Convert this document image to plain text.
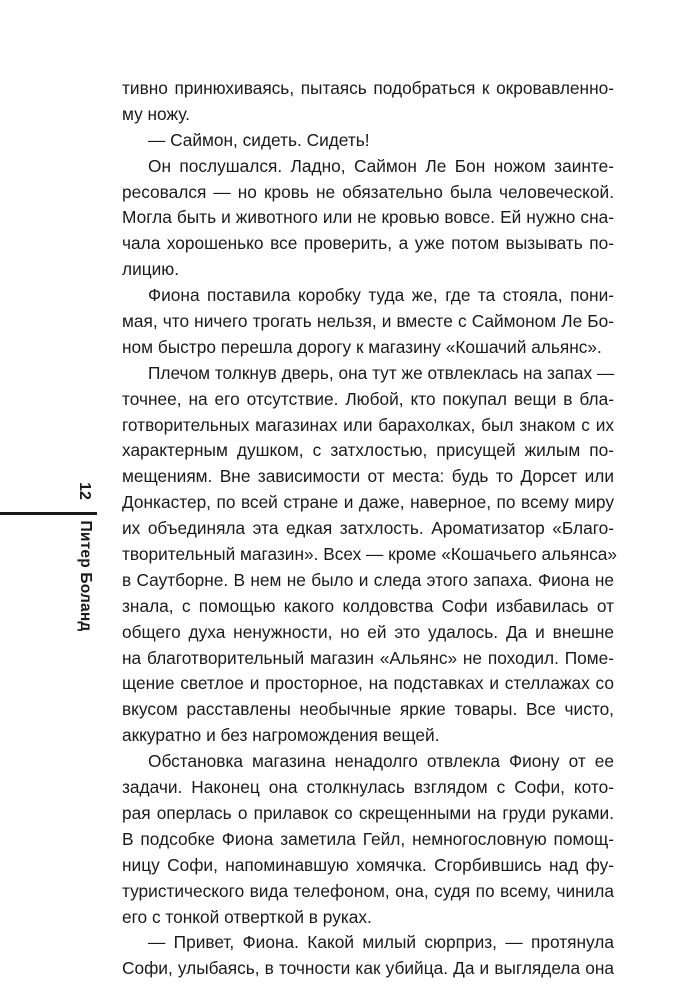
тивно принюхиваясь, пытаясь подобраться к окровавленно-
му ножу.
— Саймон, сидеть. Сидеть!
Он послушался. Ладно, Саймон Ле Бон ножом заинте-
ресовался — но кровь не обязательно была человеческой.
Могла быть и животного или не кровью вовсе. Ей нужно сна-
чала хорошенько все проверить, а уже потом вызывать по-
лицию.
Фиона поставила коробку туда же, где та стояла, пони-
мая, что ничего трогать нельзя, и вместе с Саймоном Ле Бо-
ном быстро перешла дорогу к магазину «Кошачий альянс».
Плечом толкнув дверь, она тут же отвлеклась на запах —
точнее, на его отсутствие. Любой, кто покупал вещи в бла-
готворительных магазинах или барахолках, был знаком с их
характерным душком, с затхлостью, присущей жилым по-
мещениям. Вне зависимости от места: будь то Дорсет или
Донкастер, по всей стране и даже, наверное, по всему миру
их объединяла эта едкая затхлость. Ароматизатор «Благо-
творительный магазин». Всех — кроме «Кошачьего альянса»
в Саутборне. В нем не было и следа этого запаха. Фиона не
знала, с помощью какого колдовства Софи избавилась от
общего духа ненужности, но ей это удалось. Да и внешне
на благотворительный магазин «Альянс» не походил. Поме-
щение светлое и просторное, на подставках и стеллажах со
вкусом расставлены необычные яркие товары. Все чисто,
аккуратно и без нагромождения вещей.
Обстановка магазина ненадолго отвлекла Фиону от ее
задачи. Наконец она столкнулась взглядом с Софи, кото-
рая оперлась о прилавок со скрещенными на груди руками.
В подсобке Фиона заметила Гейл, немногословную помощ-
ницу Софи, напоминавшую хомячка. Сгорбившись над фу-
туристического вида телефоном, она, судя по всему, чинила
его с тонкой отверткой в руках.
— Привет, Фиона. Какой милый сюрприз, — протянула
Софи, улыбаясь, в точности как убийца. Да и выглядела она
12
Питер Боланд
